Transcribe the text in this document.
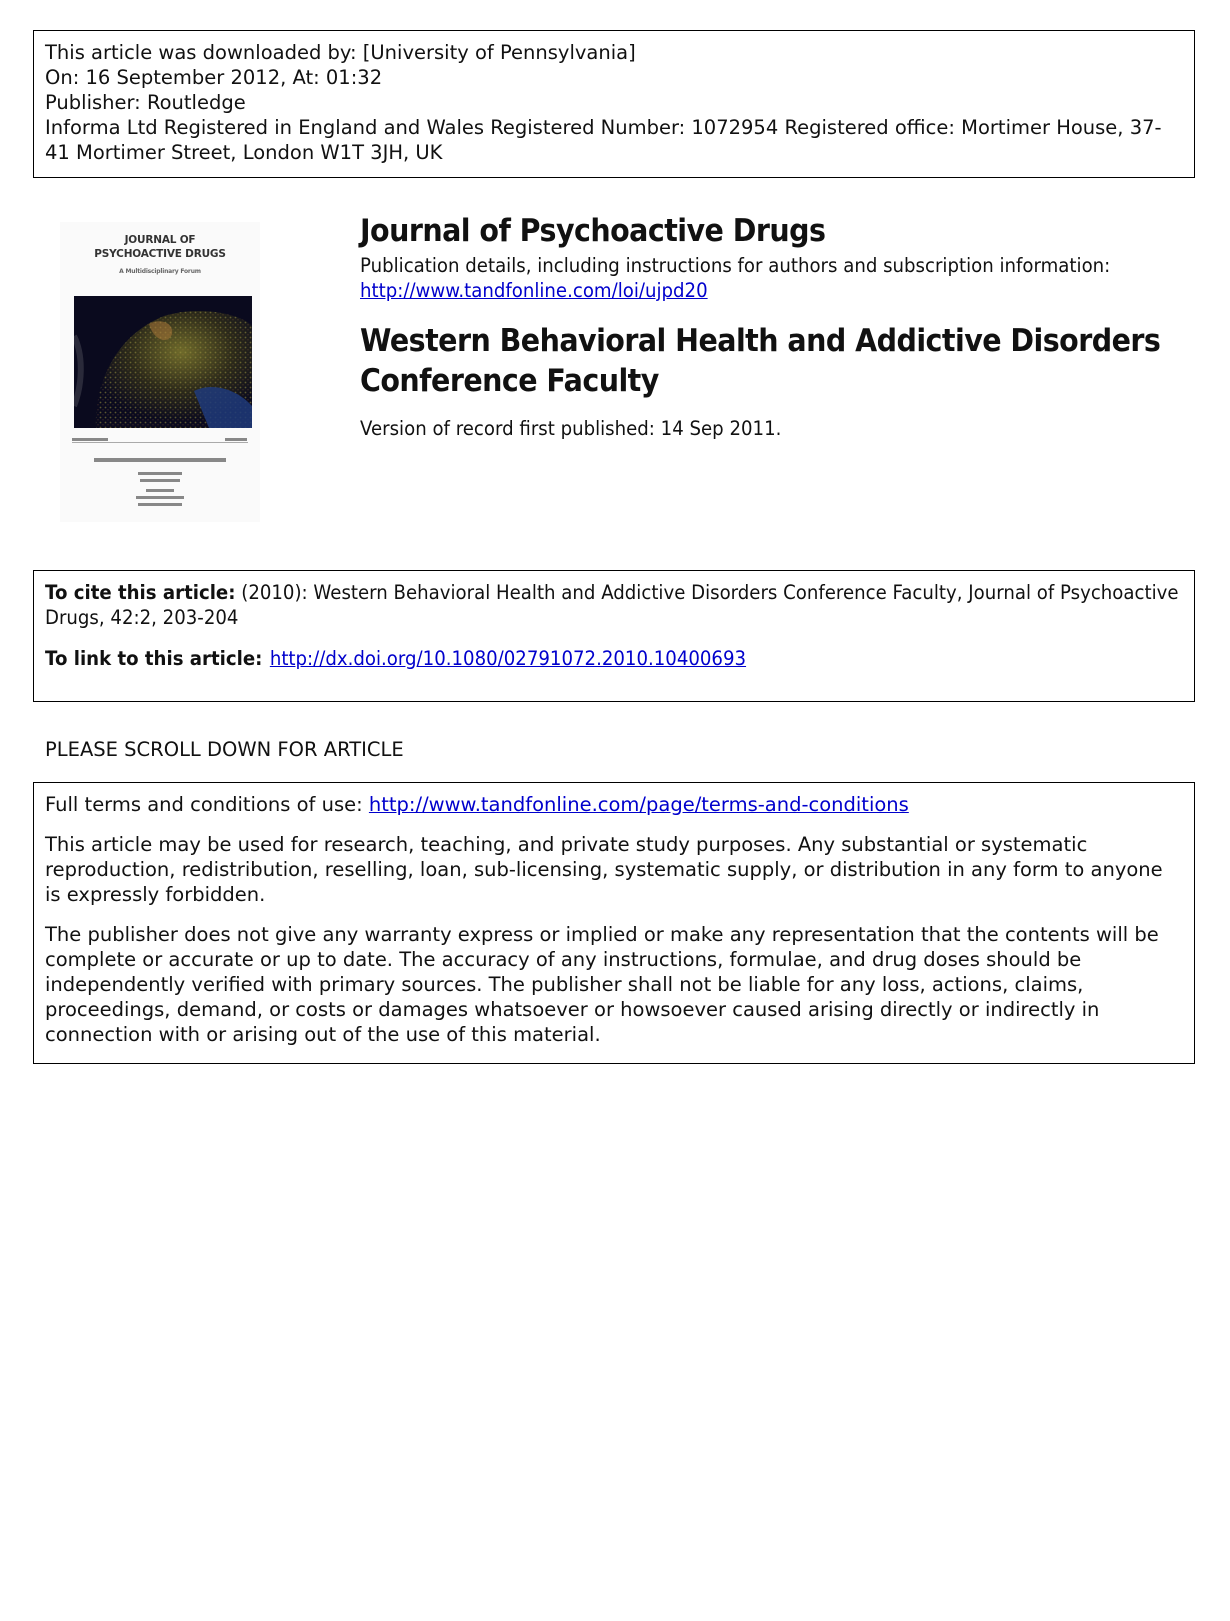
This article was downloaded by: [University of Pennsylvania]
On: 16 September 2012, At: 01:32
Publisher: Routledge
Informa Ltd Registered in England and Wales Registered Number: 1072954 Registered office: Mortimer House, 37-41 Mortimer Street, London W1T 3JH, UK
JOURNAL OF
PSYCHOACTIVE DRUGS
A Multidisciplinary Forum
Journal of Psychoactive Drugs
Publication details, including instructions for authors and subscription information:
http://www.tandfonline.com/loi/ujpd20
Western Behavioral Health and Addictive Disorders Conference Faculty
Version of record first published: 14 Sep 2011.
To cite this article: (2010): Western Behavioral Health and Addictive Disorders Conference Faculty, Journal of Psychoactive Drugs, 42:2, 203-204
To link to this article: http://dx.doi.org/10.1080/02791072.2010.10400693
PLEASE SCROLL DOWN FOR ARTICLE

Full terms and conditions of use: http://www.tandfonline.com/page/terms-and-conditions

This article may be used for research, teaching, and private study purposes. Any substantial or systematic reproduction, redistribution, reselling, loan, sub-licensing, systematic supply, or distribution in any form to anyone is expressly forbidden.

The publisher does not give any warranty express or implied or make any representation that the contents will be complete or accurate or up to date. The accuracy of any instructions, formulae, and drug doses should be independently verified with primary sources. The publisher shall not be liable for any loss, actions, claims, proceedings, demand, or costs or damages whatsoever or howsoever caused arising directly or indirectly in connection with or arising out of the use of this material.
